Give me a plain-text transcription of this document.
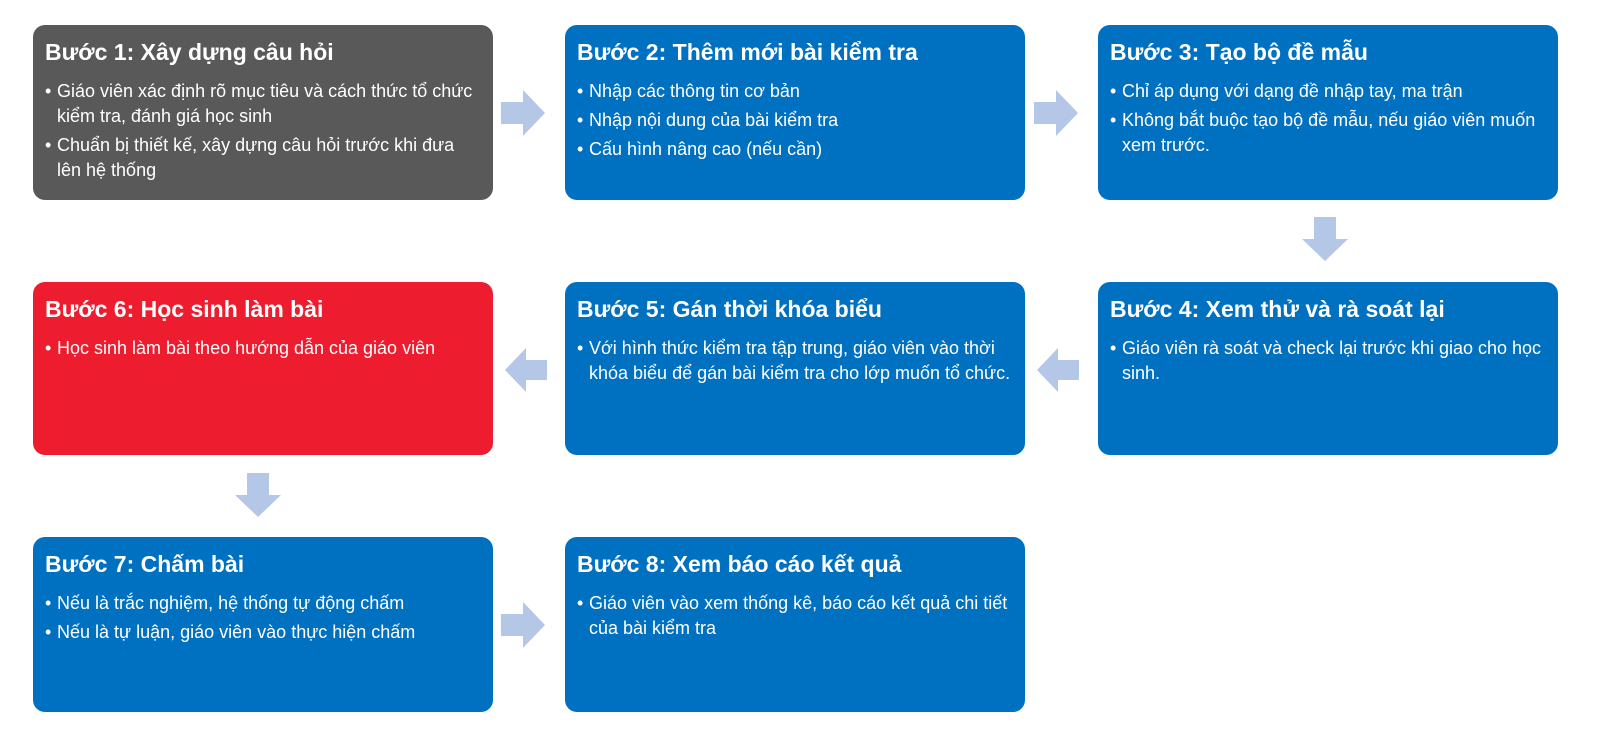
Bước 1: Xây dựng câu hỏi
• Giáo viên xác định rõ mục tiêu và cách thức tổ chức kiểm tra, đánh giá học sinh
• Chuẩn bị thiết kế, xây dựng câu hỏi trước khi đưa lên hệ thống
Bước 2: Thêm mới bài kiểm tra
• Nhập các thông tin cơ bản
• Nhập nội dung của bài kiểm tra
• Cấu hình nâng cao (nếu cần)
Bước 3: Tạo bộ đề mẫu
• Chỉ áp dụng với dạng đề nhập tay, ma trận
• Không bắt buộc tạo bộ đề mẫu, nếu giáo viên muốn xem trước.
Bước 4: Xem thử và rà soát lại
• Giáo viên rà soát và check lại trước khi giao cho học sinh.
Bước 5: Gán thời khóa biểu
• Với hình thức kiểm tra tập trung, giáo viên vào thời khóa biểu để gán bài kiểm tra cho lớp muốn tổ chức.
Bước 6: Học sinh làm bài
• Học sinh làm bài theo hướng dẫn của giáo viên
Bước 7: Chấm bài
• Nếu là trắc nghiệm, hệ thống tự động chấm
• Nếu là tự luận, giáo viên vào thực hiện chấm
Bước 8: Xem báo cáo kết quả
• Giáo viên vào xem thống kê, báo cáo kết quả chi tiết của bài kiểm tra
